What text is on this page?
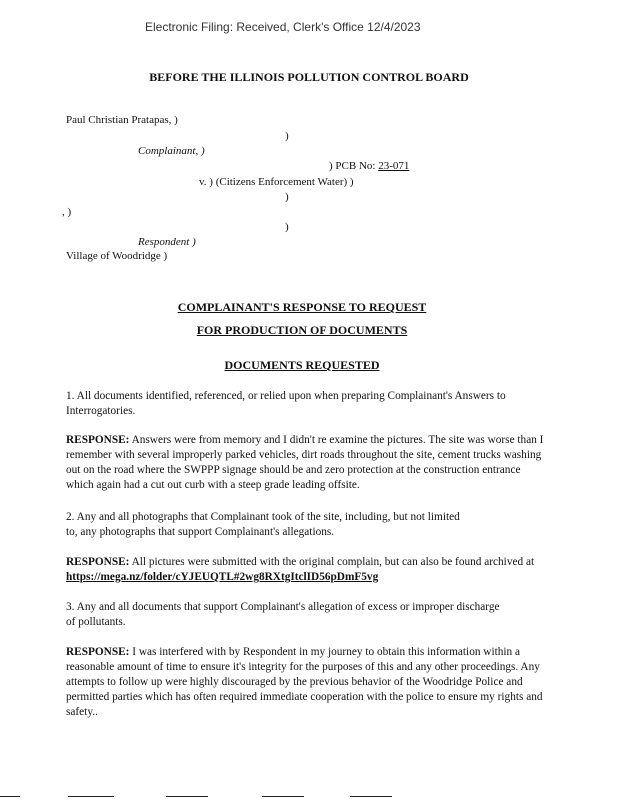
Electronic Filing: Received, Clerk's Office 12/4/2023
BEFORE THE ILLINOIS POLLUTION CONTROL BOARD
Paul Christian Pratapas, )
)
Complainant, )
) PCB No: 23-071
v. ) (Citizens Enforcement Water) )
)
, )
)
Respondent )
Village of Woodridge )
COMPLAINANT'S RESPONSE TO REQUEST
FOR PRODUCTION OF DOCUMENTS
DOCUMENTS REQUESTED
1. All documents identified, referenced, or relied upon when preparing Complainant's Answers to Interrogatories.
RESPONSE: Answers were from memory and I didn't re examine the pictures. The site was worse than I remember with several improperly parked vehicles, dirt roads throughout the site, cement trucks washing out on the road where the SWPPP signage should be and zero protection at the construction entrance which again had a cut out curb with a steep grade leading offsite.
2. Any and all photographs that Complainant took of the site, including, but not limited to, any photographs that support Complainant's allegations.
RESPONSE: All pictures were submitted with the original complain, but can also be found archived at https://mega.nz/folder/cYJEUQTL#2wg8RXtgItclID56pDmF5vg
3. Any and all documents that support Complainant's allegation of excess or improper discharge of pollutants.
RESPONSE: I was interfered with by Respondent in my journey to obtain this information within a reasonable amount of time to ensure it's integrity for the purposes of this and any other proceedings. Any attempts to follow up were highly discouraged by the previous behavior of the Woodridge Police and permitted parties which has often required immediate cooperation with the police to ensure my rights and safety..
